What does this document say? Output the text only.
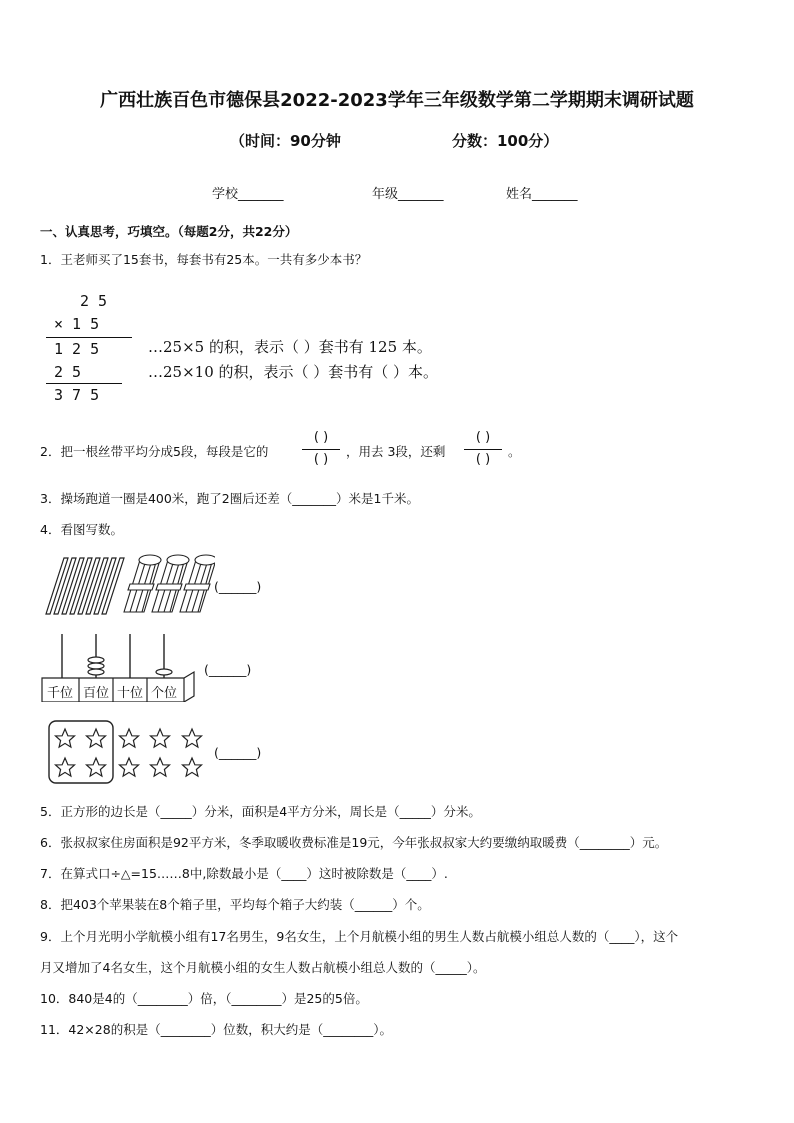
广西壮族百色市德保县2022-2023学年三年级数学第二学期期末调研试题
（时间：90分钟	分数：100分）
学校_______	年级_______	姓名_______
一、认真思考，巧填空。（每题2分，共22分）
1．王老师买了15套书，每套书有25本。一共有多少本书？
2 5
× 1 5
1 2 5
2 5
3 7 5
…25×5 的积，表示（ ）套书有 125 本。
…25×10 的积，表示（ ）套书有（ ）本。
2．把一根丝带平均分成5段，每段是它的
( )
( )
，用去 3段，还剩
( )
( )
。
3．操场跑道一圈是400米，跑了2圈后还差（_______）米是1千米。
4．看图写数。
(______)
千位 百位 十位 个位
(______)
(______)
5．正方形的边长是（_____）分米，面积是4平方分米，周长是（_____）分米。
6．张叔叔家住房面积是92平方米，冬季取暖收费标准是19元，今年张叔叔家大约要缴纳取暖费（________）元。
7．在算式口÷△=15……8中,除数最小是（____）这时被除数是（____）.
8．把403个苹果装在8个箱子里，平均每个箱子大约装（______）个。
9．上个月光明小学航模小组有17名男生，9名女生，上个月航模小组的男生人数占航模小组总人数的（____），这个
月又增加了4名女生，这个月航模小组的女生人数占航模小组总人数的（_____）。
10．840是4的（________）倍，（________）是25的5倍。
11．42×28的积是（________）位数，积大约是（________）。
